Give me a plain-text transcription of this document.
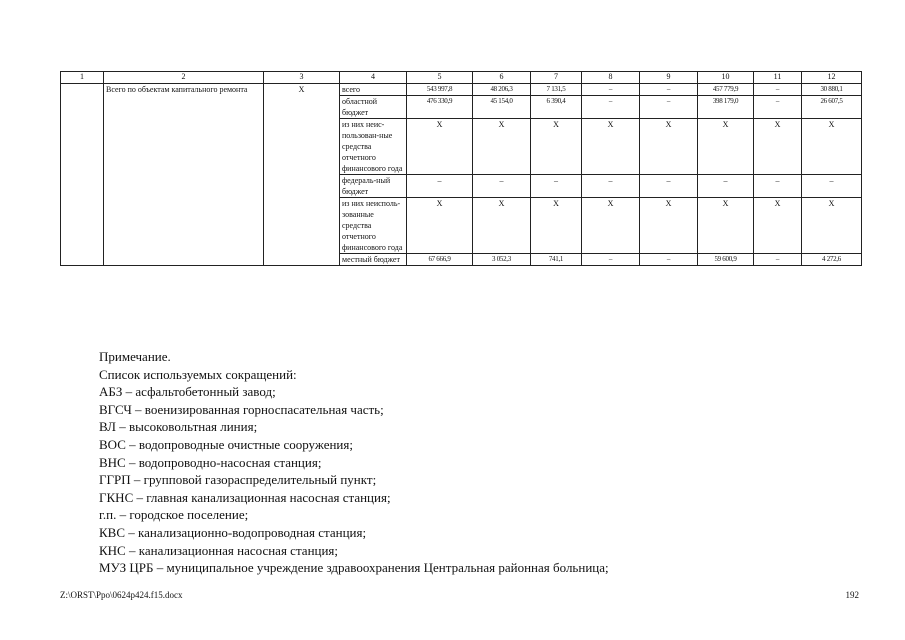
1	2	3	4	5	6	7	8	9	10	11	12
	Всего по объектам капитального ремонта	Х	всего	543 997,8	48 206,3	7 131,5	–	–	457 779,9	–	30 880,1
			областной бюджет	476 330,9	45 154,0	6 390,4	–	–	398 179,0	–	26 607,5
			из них неис-пользован-ные средства отчетного финансового года	Х	Х	Х	Х	Х	Х	Х	Х
			федераль-ный бюджет	–	–	–	–	–	–	–	–
			из них неисполь-зованные средства отчетного финансового года	Х	Х	Х	Х	Х	Х	Х	Х
			местный бюджет	67 666,9	3 052,3	741,1	–	–	59 600,9	–	4 272,6
Примечание.
Список используемых сокращений:
АБЗ – асфальтобетонный завод;
ВГСЧ – военизированная горноспасательная часть;
ВЛ – высоковольтная линия;
ВОС – водопроводные очистные сооружения;
ВНС – водопроводно-насосная станция;
ГГРП – групповой газораспределительный пункт;
ГКНС – главная канализационная насосная станция;
г.п. – городское поселение;
КВС – канализационно-водопроводная станция;
КНС – канализационная насосная станция;
МУЗ ЦРБ – муниципальное учреждение здравоохранения Центральная районная больница;
Z:\ORST\Ppo\0624p424.f15.docx	192
